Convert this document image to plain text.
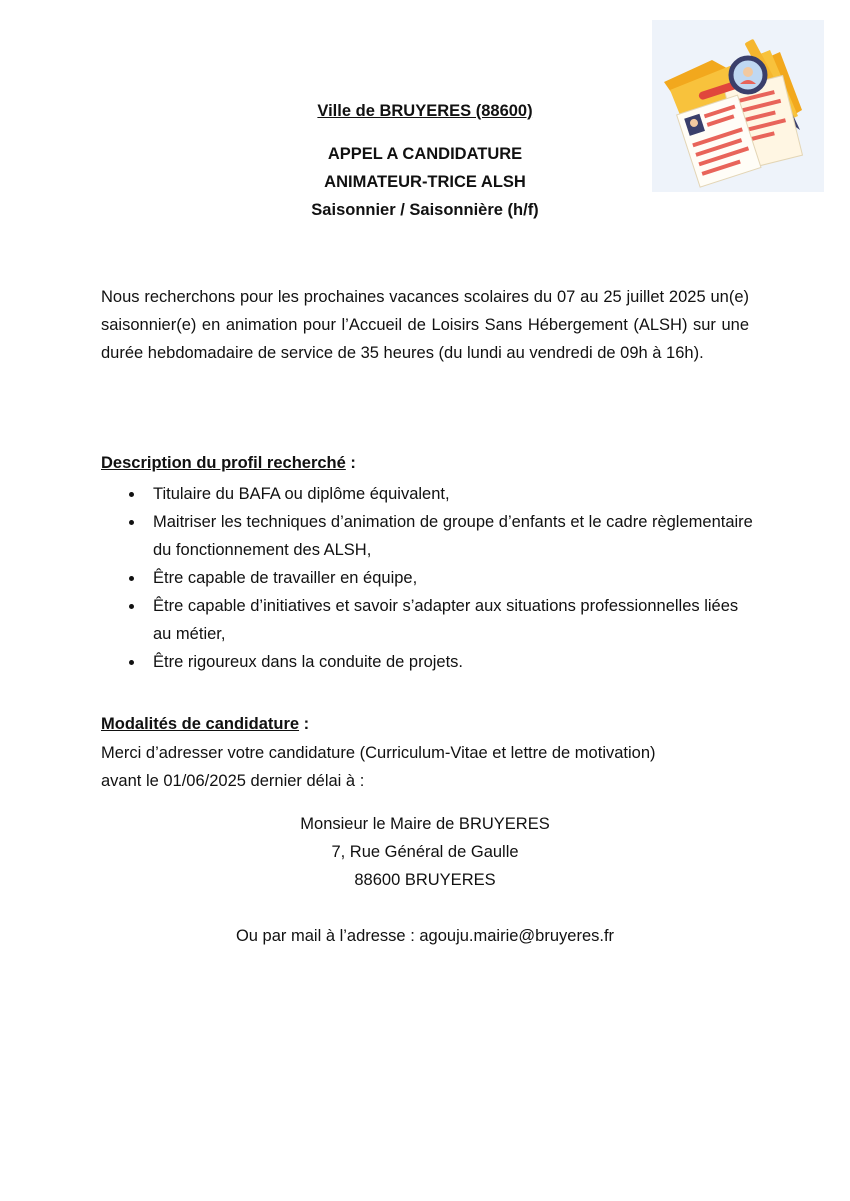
Ville de BRUYERES (88600)
APPEL A CANDIDATURE
ANIMATEUR-TRICE ALSH
Saisonnier / Saisonnière (h/f)

Nous recherchons pour les prochaines vacances scolaires du 07 au 25 juillet 2025 un(e) saisonnier(e) en animation pour l’Accueil de Loisirs Sans Hébergement (ALSH) sur une durée hebdomadaire de service de 35 heures (du lundi au vendredi de 09h à 16h).

Description du profil recherché :

Titulaire du BAFA ou diplôme équivalent,
Maitriser les techniques d’animation de groupe d’enfants et le cadre règlementaire du fonctionnement des ALSH,
Être capable de travailler en équipe,
Être capable d’initiatives et savoir s’adapter aux situations professionnelles liées au métier,
Être rigoureux dans la conduite de projets.

Modalités de candidature :

Merci d’adresser votre candidature (Curriculum-Vitae et lettre de motivation)

avant le 01/06/2025 dernier délai à :

Monsieur le Maire de BRUYERES
7, Rue Général de Gaulle
88600 BRUYERES
Ou par mail à l’adresse : agouju.mairie@bruyeres.fr
